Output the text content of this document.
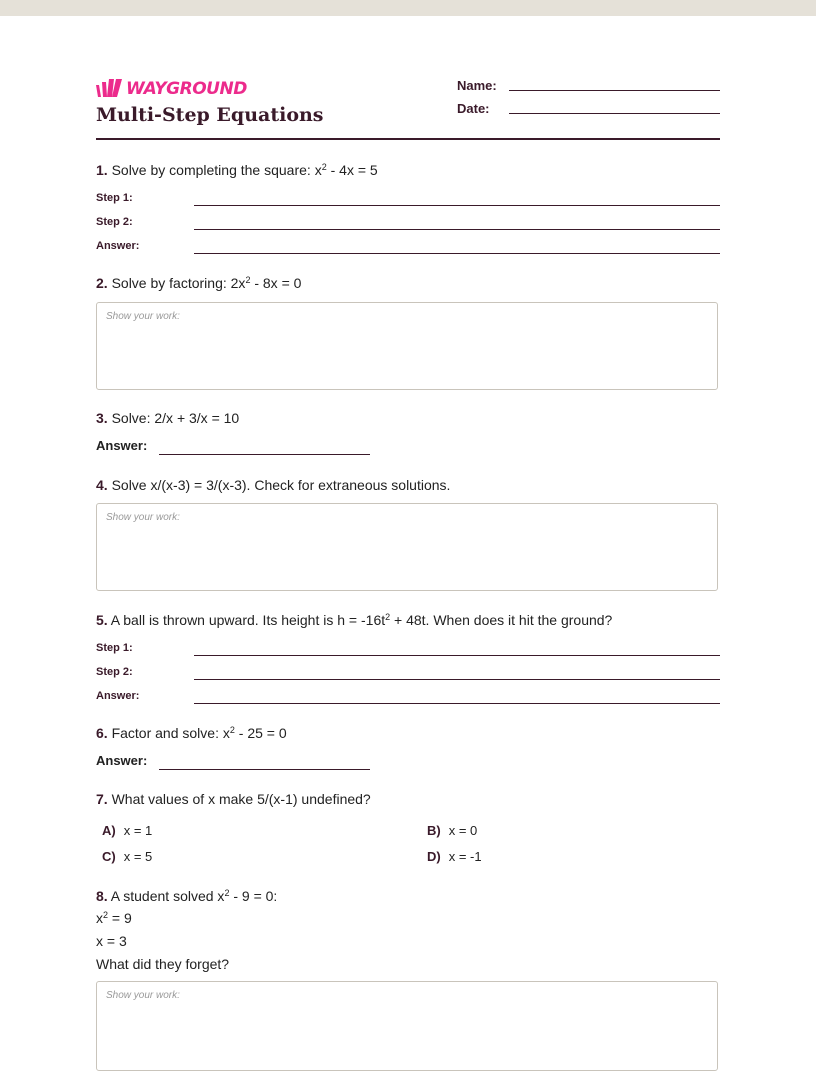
WAYGROUND
Multi-Step Equations
Name:
Date:
1. Solve by completing the square: $x^2 - 4x = 5$
Step 1:
Step 2:
Answer:
2. Solve by factoring: $2x^2 - 8x = 0$
Show your work:
3. Solve: 2/x + 3/x = 10
Answer:
4. Solve x/(x-3) = 3/(x-3). Check for extraneous solutions.
Show your work:
5. A ball is thrown upward. Its height is $h = -16t^2 + 48t$. When does it hit the ground?
Step 1:
Step 2:
Answer:
6. Factor and solve: $x^2 - 25 = 0$
Answer:
7. What values of x make 5/(x-1) undefined?
A) x = 1	B) x = 0
C) x = 5	D) x = -1
8. A student solved $x^2 - 9 = 0$:
$x^2 = 9$
x = 3
What did they forget?
Show your work:
